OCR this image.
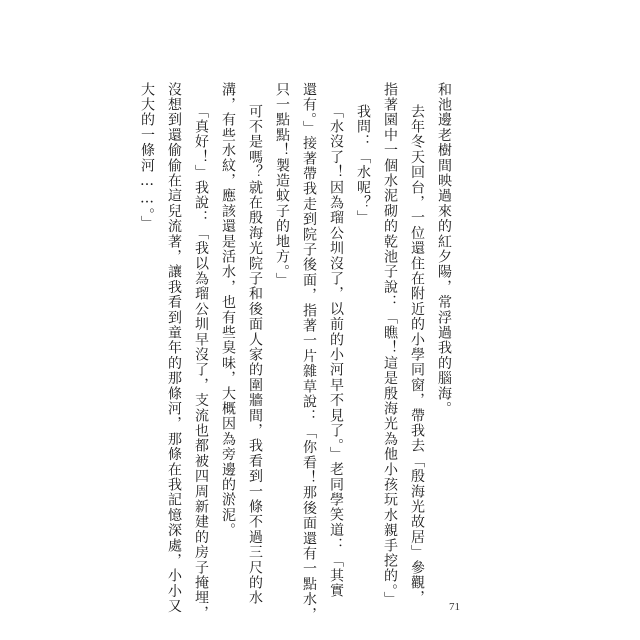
和池邊老樹間映過來的紅夕陽，常浮過我的腦海。
去年冬天回台，一位還住在附近的小學同窗，帶我去「殷海光故居」參觀，
指著園中一個水泥砌的乾池子說：「瞧！這是殷海光為他小孩玩水親手挖的。」
我問：「水呢？」
「水沒了！因為瑠公圳沒了，以前的小河早不見了。」老同學笑道：「其實
還有。」接著帶我走到院子後面，指著一片雜草說：「你看！那後面還有一點水，
只一點點！製造蚊子的地方。」
可不是嗎？就在殷海光院子和後面人家的圍牆間，我看到一條不過三尺的水
溝，有些水紋，應該還是活水，也有些臭味，大概因為旁邊的淤泥。
「真好！」我說：「我以為瑠公圳早沒了，支流也都被四周新建的房子掩埋，
沒想到還偷偷在這兒流著，讓我看到童年的那條河，那條在我記憶深處，小小又
大大的一條河……。」
71
